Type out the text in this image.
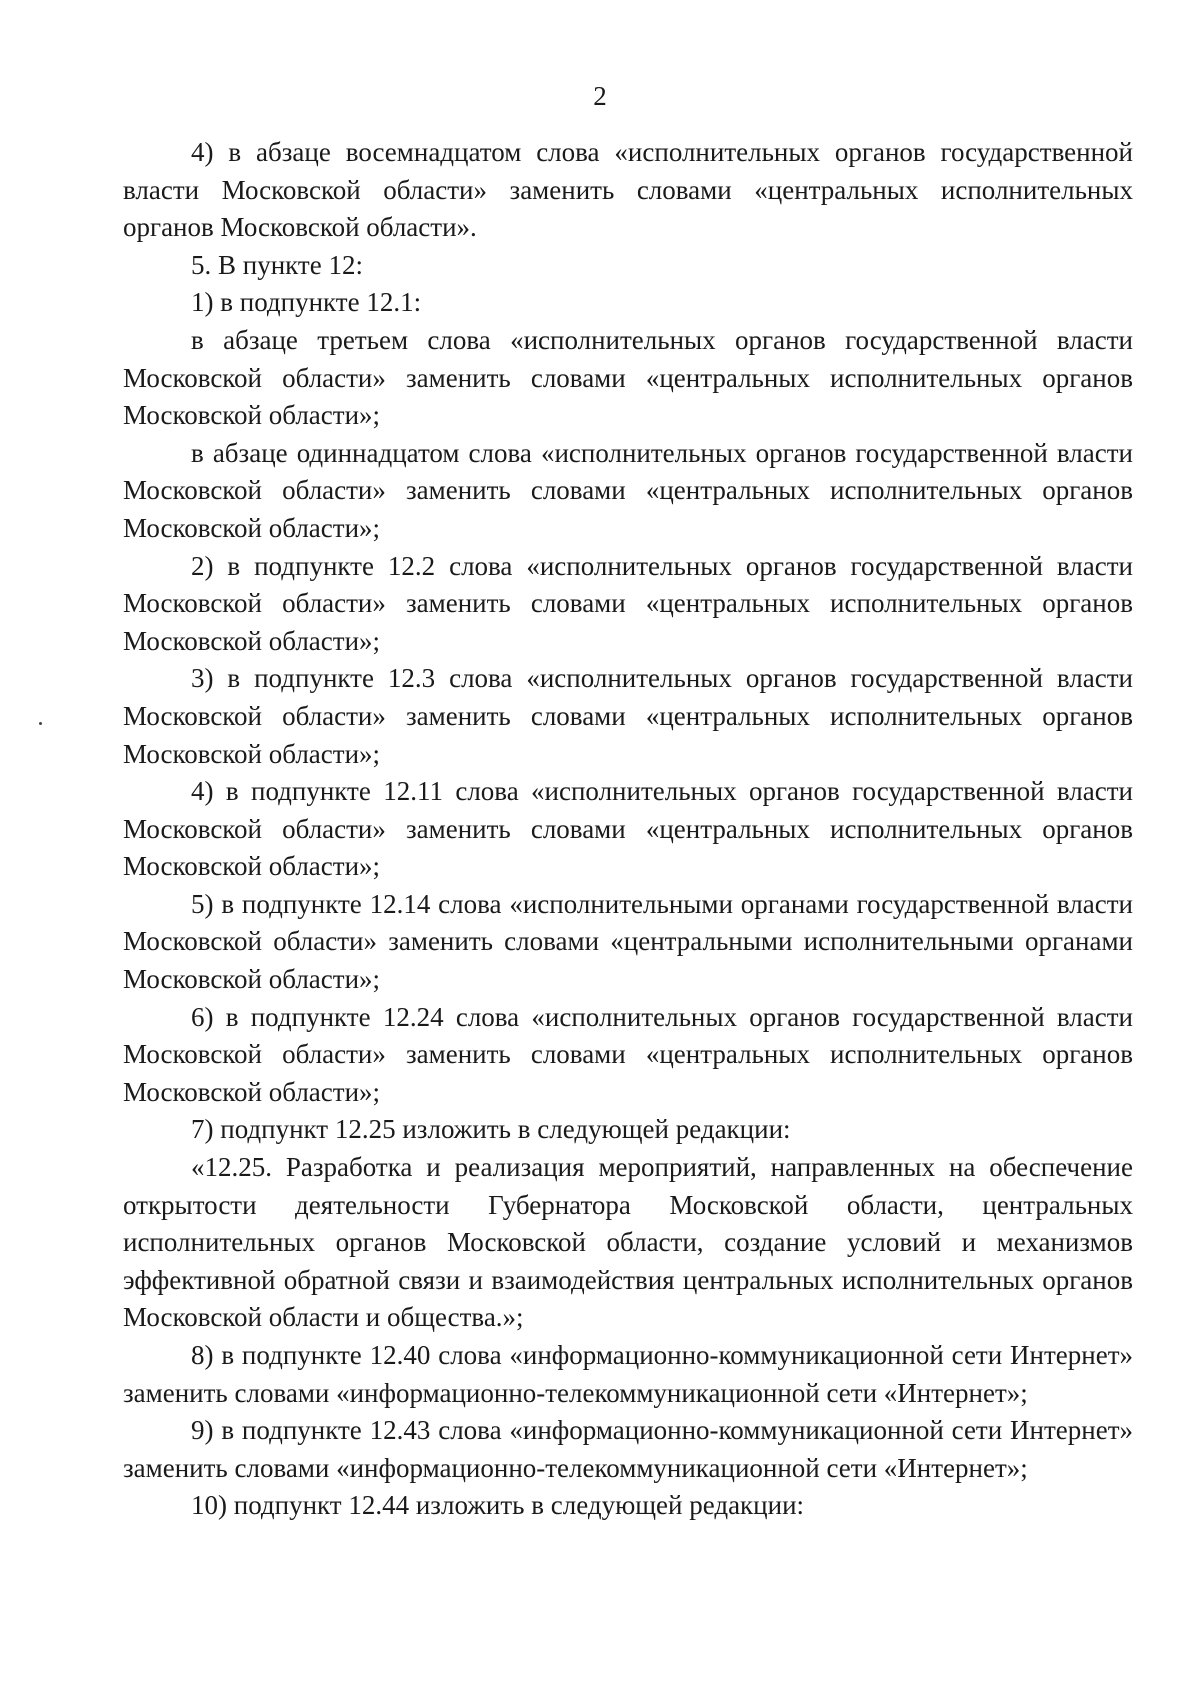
2

4) в абзаце восемнадцатом слова «исполнительных органов государственной власти Московской области» заменить словами «центральных исполнительных органов Московской области».

5. В пункте 12:

1) в подпункте 12.1:

в абзаце третьем слова «исполнительных органов государственной власти Московской области» заменить словами «центральных исполнительных органов Московской области»;

в абзаце одиннадцатом слова «исполнительных органов государственной власти Московской области» заменить словами «центральных исполнительных органов Московской области»;

2) в подпункте 12.2 слова «исполнительных органов государственной власти Московской области» заменить словами «центральных исполнительных органов Московской области»;

3) в подпункте 12.3 слова «исполнительных органов государственной власти Московской области» заменить словами «центральных исполнительных органов Московской области»;

4) в подпункте 12.11 слова «исполнительных органов государственной власти Московской области» заменить словами «центральных исполнительных органов Московской области»;

5) в подпункте 12.14 слова «исполнительными органами государственной власти Московской области» заменить словами «центральными исполнительными органами Московской области»;

6) в подпункте 12.24 слова «исполнительных органов государственной власти Московской области» заменить словами «центральных исполнительных органов Московской области»;

7) подпункт 12.25 изложить в следующей редакции:

«12.25. Разработка и реализация мероприятий, направленных на обеспечение открытости деятельности Губернатора Московской области, центральных исполнительных органов Московской области, создание условий и механизмов эффективной обратной связи и взаимодействия центральных исполнительных органов Московской области и общества.»;

8) в подпункте 12.40 слова «информационно-коммуникационной сети Интернет» заменить словами «информационно-телекоммуникационной сети «Интернет»;

9) в подпункте 12.43 слова «информационно-коммуникационной сети Интернет» заменить словами «информационно-телекоммуникационной сети «Интернет»;

10) подпункт 12.44 изложить в следующей редакции:
